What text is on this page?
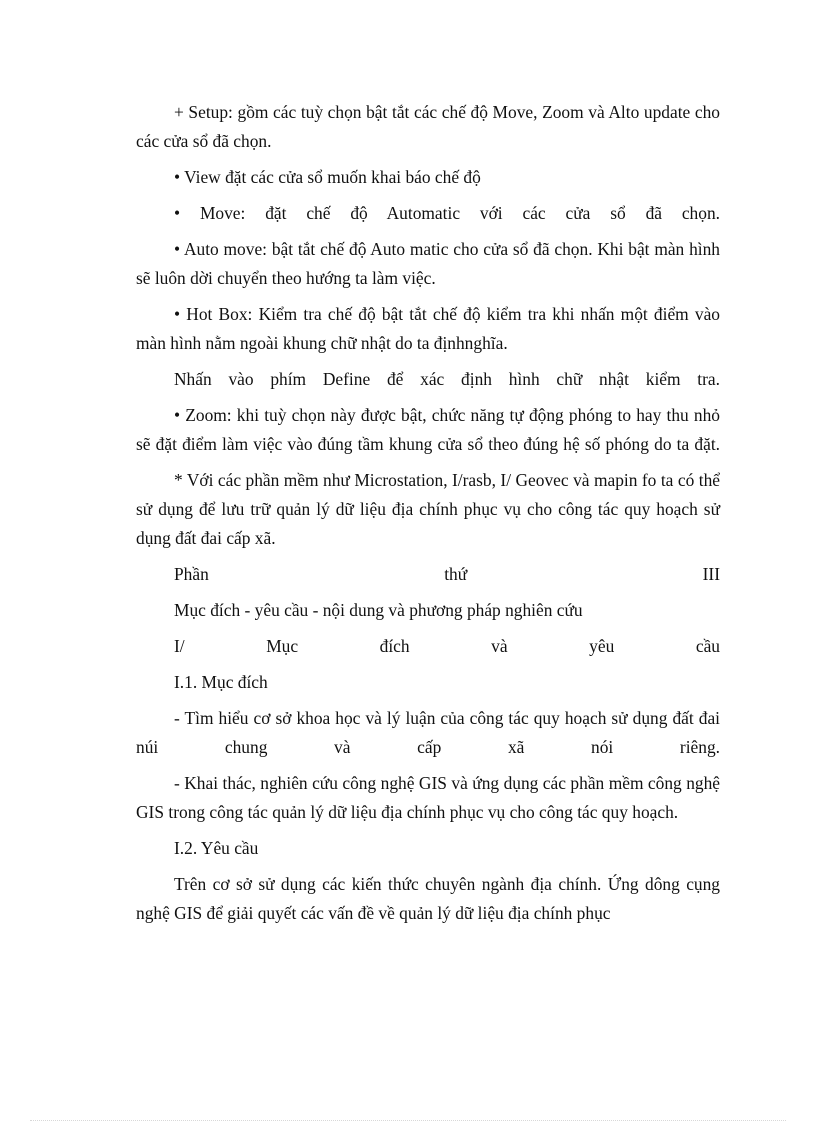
+ Setup: gồm các tuỳ chọn bật tắt các chế độ Move, Zoom và Alto update cho các cửa sổ đã chọn.

• View đặt các cửa sổ muốn khai báo chế độ

• Move: đặt chế độ Automatic với các cửa sổ đã chọn.

• Auto move: bật tắt chế độ Auto matic cho cửa sổ đã chọn. Khi bật màn hình sẽ luôn dời chuyển theo hướng ta làm việc.

• Hot Box: Kiểm tra chế độ bật tắt chế độ kiểm tra khi nhấn một điểm vào màn hình nằm ngoài khung chữ nhật do ta địnhnghĩa.

Nhấn vào phím Define để xác định hình chữ nhật kiểm tra.

• Zoom: khi tuỳ chọn này được bật, chức năng tự động phóng to hay thu nhỏ sẽ đặt điểm làm việc vào đúng tầm khung cửa sổ theo đúng hệ số phóng do ta đặt.

* Với các phần mềm như Microstation, I/rasb, I/ Geovec và mapin fo ta có thể sử dụng để lưu trữ quản lý dữ liệu địa chính phục vụ cho công tác quy hoạch sử dụng đất đai cấp xã.

Phần thứ III

Mục đích - yêu cầu - nội dung và phương pháp nghiên cứu

I/ Mục đích và yêu cầu

I.1. Mục đích

- Tìm hiểu cơ sở khoa học và lý luận của công tác quy hoạch sử dụng đất đai núi chung và cấp xã nói riêng.

- Khai thác, nghiên cứu công nghệ GIS và ứng dụng các phần mềm công nghệ GIS trong công tác quản lý dữ liệu địa chính phục vụ cho công tác quy hoạch.

I.2. Yêu cầu

Trên cơ sở sử dụng các kiến thức chuyên ngành địa chính. Ứng dông cụng nghệ GIS để giải quyết các vấn đề về quản lý dữ liệu địa chính phục
